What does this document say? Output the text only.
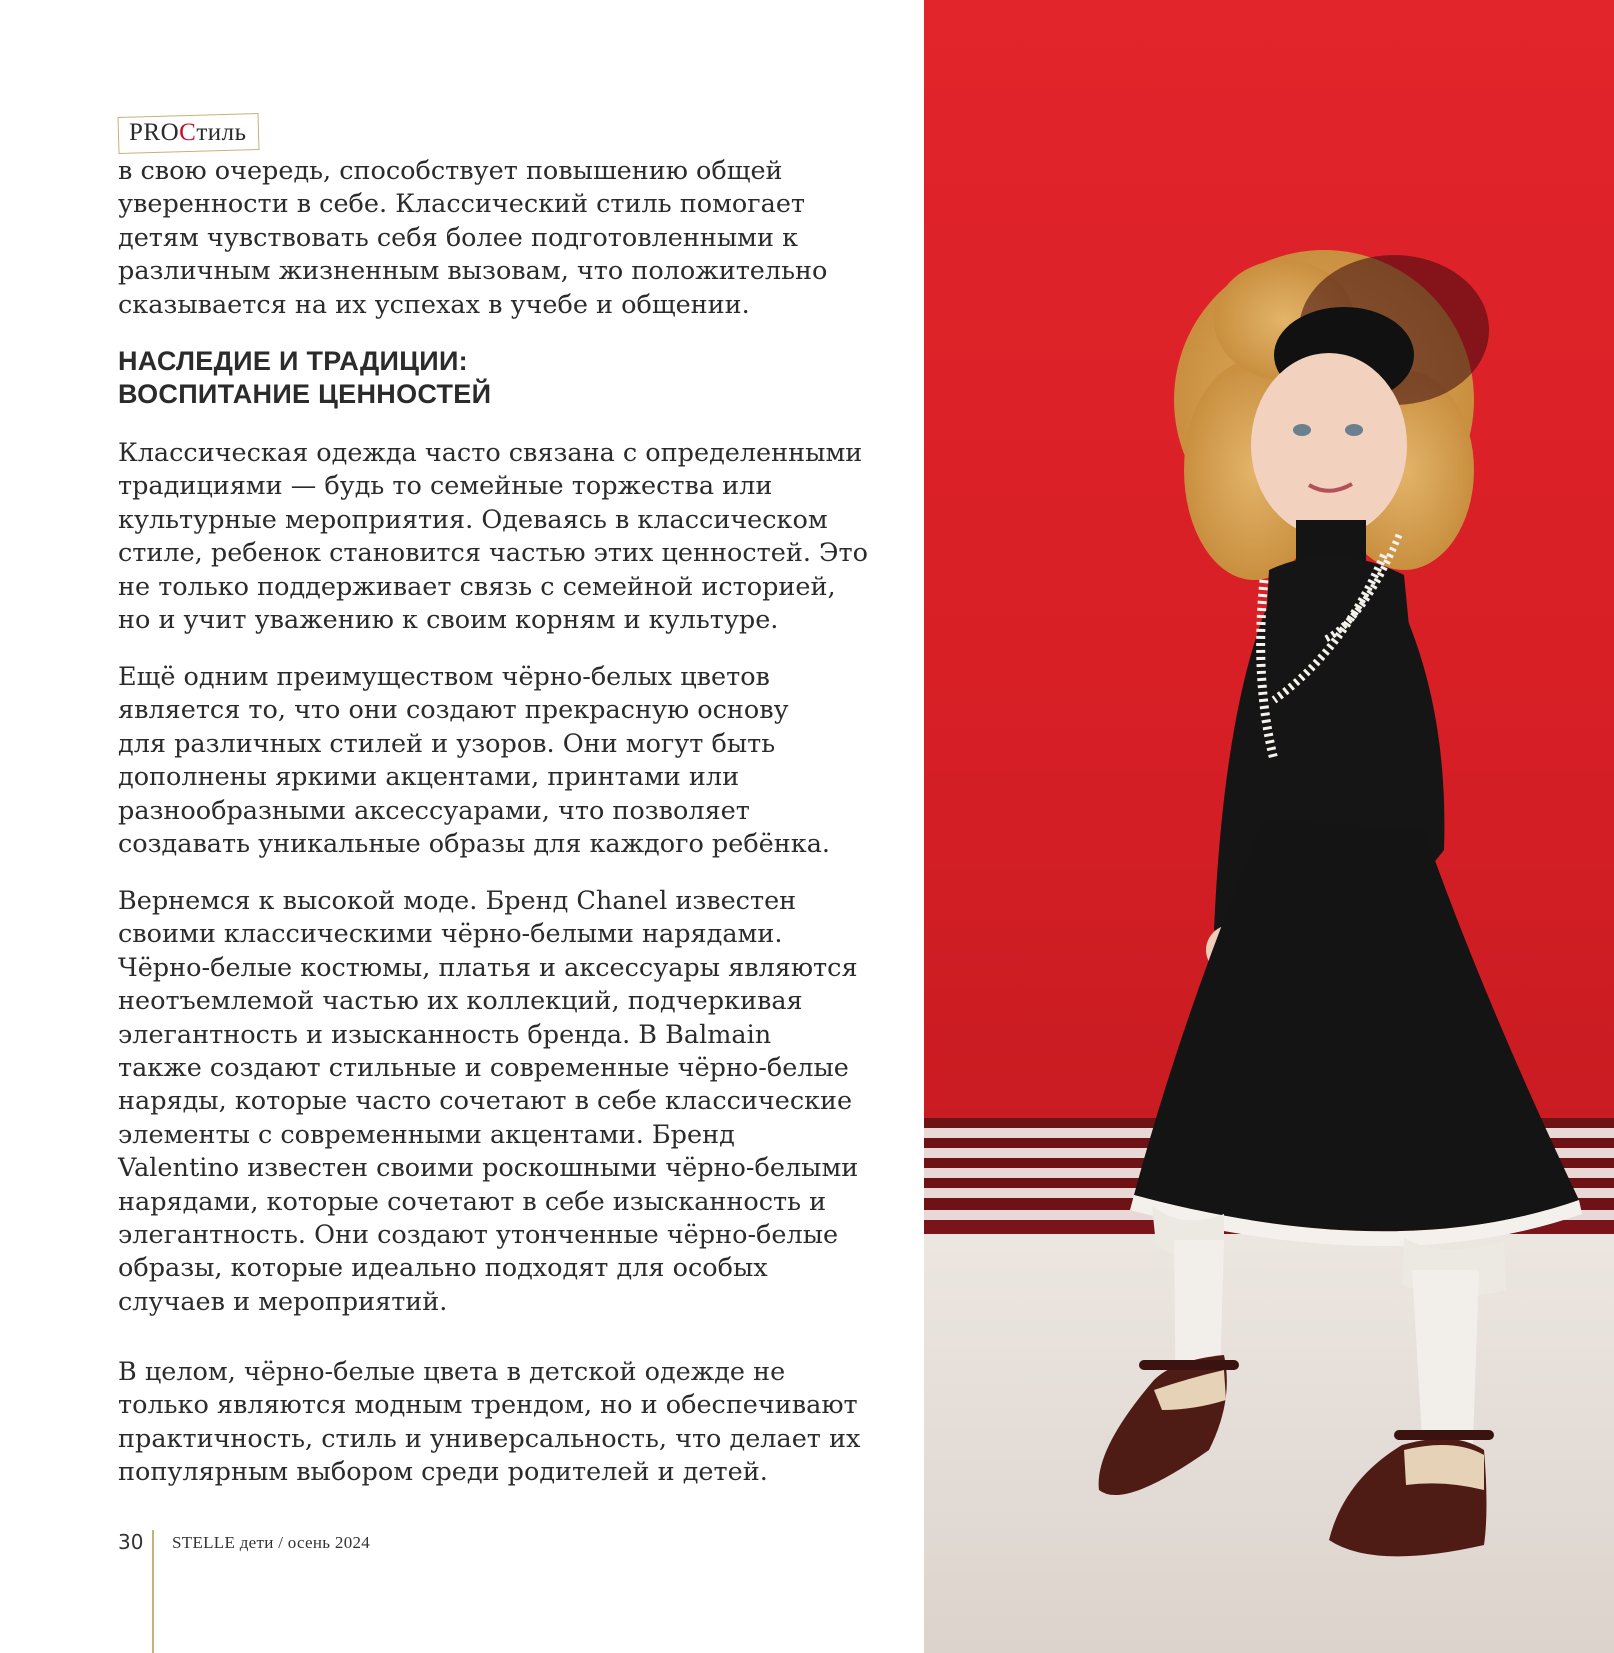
PROCтиль

в свою очередь, способствует повышению общей
уверенности в себе. Классический стиль помогает
детям чувствовать себя более подготовленными к
различным жизненным вызовам, что положительно
сказывается на их успехах в учебе и общении.

НАСЛЕДИЕ И ТРАДИЦИИ:
ВОСПИТАНИЕ ЦЕННОСТЕЙ

Классическая одежда часто связана с определенными
традициями — будь то семейные торжества или
культурные мероприятия. Одеваясь в классическом
стиле, ребенок становится частью этих ценностей. Это
не только поддерживает связь с семейной историей,
но и учит уважению к своим корням и культуре.

Ещё одним преимуществом чёрно-белых цветов
является то, что они создают прекрасную основу
для различных стилей и узоров. Они могут быть
дополнены яркими акцентами, принтами или
разнообразными аксессуарами, что позволяет
создавать уникальные образы для каждого ребёнка.

Вернемся к высокой моде. Бренд Chanel известен
своими классическими чёрно-белыми нарядами.
Чёрно-белые костюмы, платья и аксессуары являются
неотъемлемой частью их коллекций, подчеркивая
элегантность и изысканность бренда. В Balmain
также создают стильные и современные чёрно-белые
наряды, которые часто сочетают в себе классические
элементы с современными акцентами. Бренд
Valentino известен своими роскошными чёрно-белыми
нарядами, которые сочетают в себе изысканность и
элегантность. Они создают утонченные чёрно-белые
образы, которые идеально подходят для особых
случаев и мероприятий.

В целом, чёрно-белые цвета в детской одежде не
только являются модным трендом, но и обеспечивают
практичность, стиль и универсальность, что делает их
популярным выбором среди родителей и детей.

30 STELLE дети / осень 2024
